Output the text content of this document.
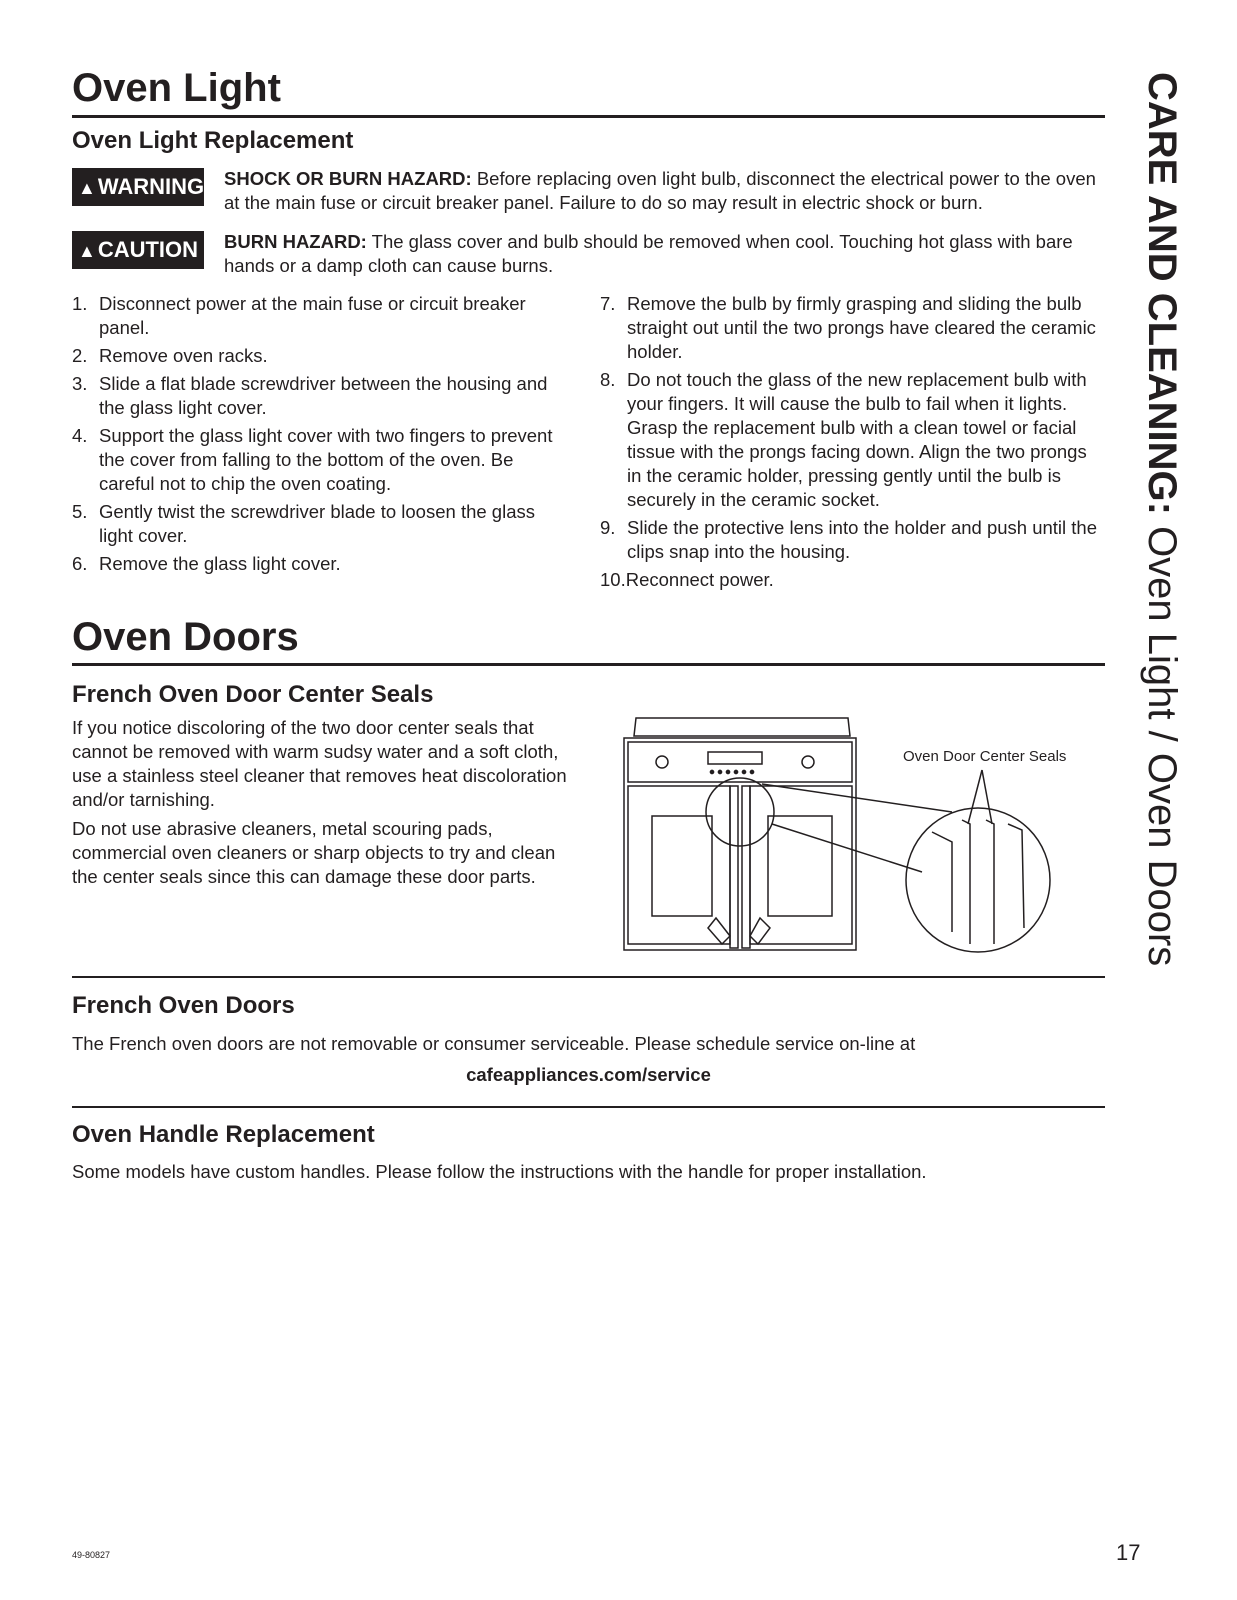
Oven Light
Oven Light Replacement
▲WARNING SHOCK OR BURN HAZARD: Before replacing oven light bulb, disconnect the electrical power to the oven at the main fuse or circuit breaker panel. Failure to do so may result in electric shock or burn.
▲CAUTION	BURN HAZARD: The glass cover and bulb should be removed when cool. Touching hot glass with bare hands or a damp cloth can cause burns.
1. Disconnect power at the main fuse or circuit breaker panel.
2. Remove oven racks.
3. Slide a flat blade screwdriver between the housing and the glass light cover.
4. Support the glass light cover with two fingers to prevent the cover from falling to the bottom of the oven. Be careful not to chip the oven coating.
5. Gently twist the screwdriver blade to loosen the glass light cover.
6. Remove the glass light cover.
7. Remove the bulb by firmly grasping and sliding the bulb straight out until the two prongs have cleared the ceramic holder.
8. Do not touch the glass of the new replacement bulb with your fingers. It will cause the bulb to fail when it lights. Grasp the replacement bulb with a clean towel or facial tissue with the prongs facing down. Align the two prongs in the ceramic holder, pressing gently until the bulb is securely in the ceramic socket.
9. Slide the protective lens into the holder and push until the clips snap into the housing.
10.Reconnect power.
Oven Doors
French Oven Door Center Seals
If you notice discoloring of the two door center seals that cannot be removed with warm sudsy water and a soft cloth, use a stainless steel cleaner that removes heat discoloration and/or tarnishing.
Do not use abrasive cleaners, metal scouring pads, commercial oven cleaners or sharp objects to try and clean the center seals since this can damage these door parts.
Oven Door Center Seals
French Oven Doors
The French oven doors are not removable or consumer serviceable. Please schedule service on-line at
cafeappliances.com/service
Oven Handle Replacement
Some models have custom handles. Please follow the instructions with the handle for proper installation.
CARE AND CLEANING: Oven Light / Oven Doors
49-80827	17
